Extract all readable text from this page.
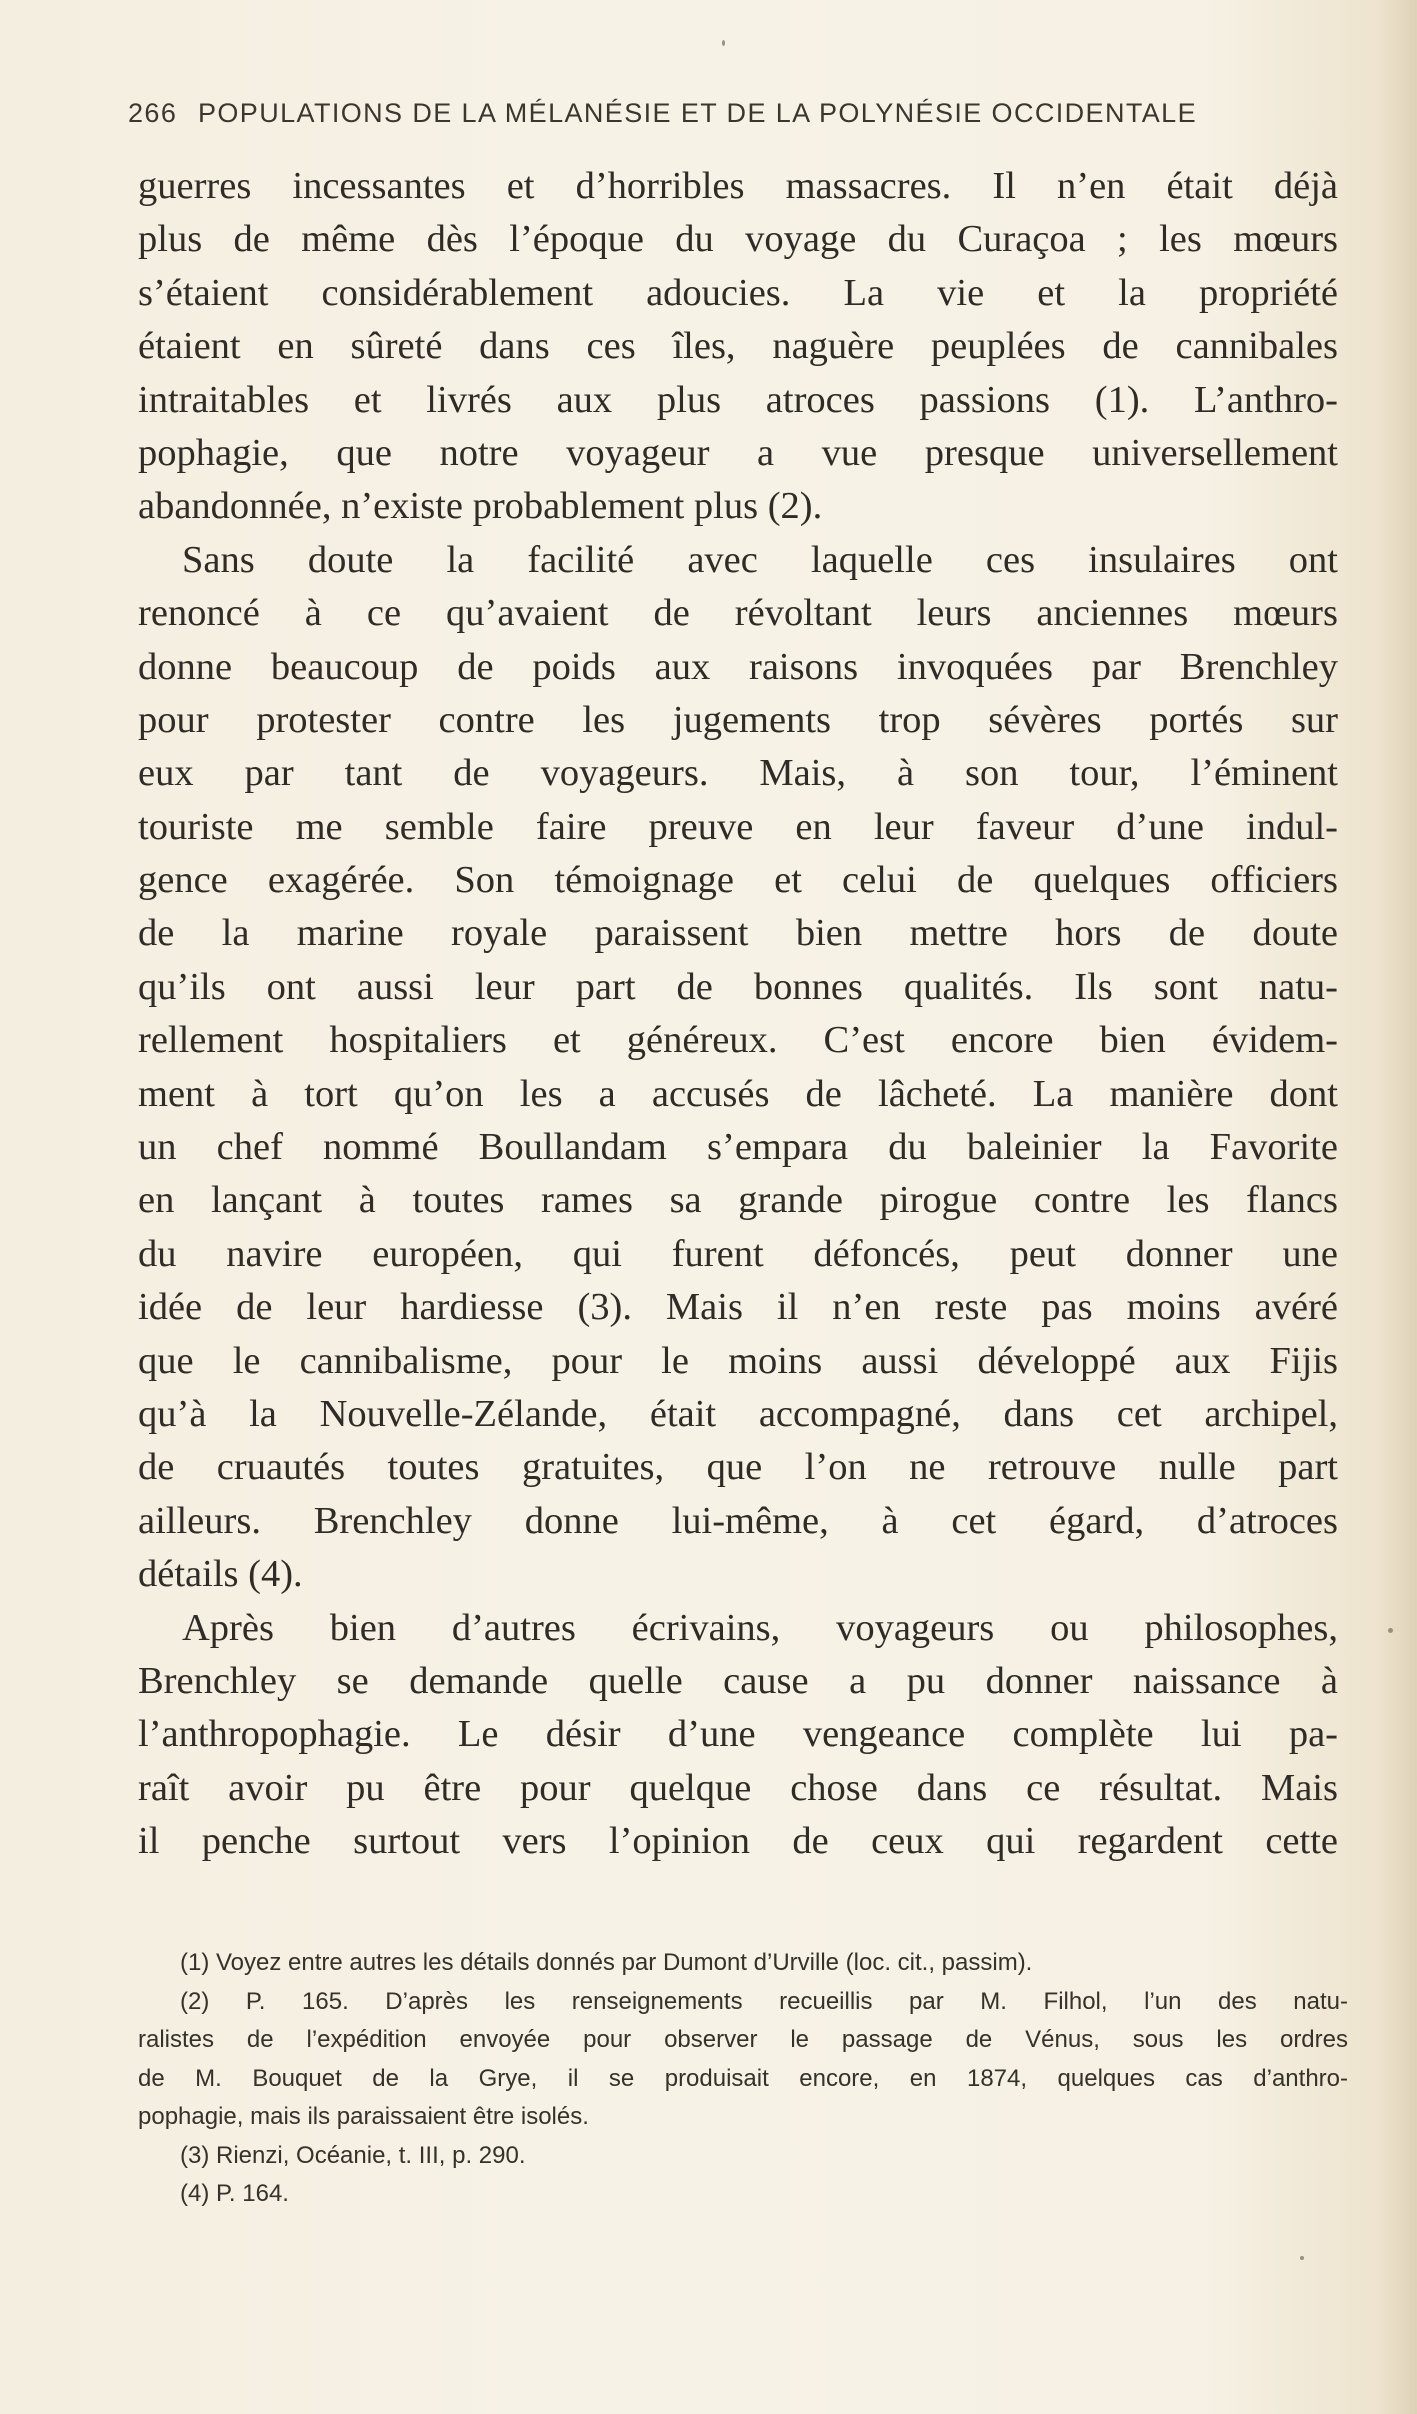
266 POPULATIONS DE LA MÉLANÉSIE ET DE LA POLYNÉSIE OCCIDENTALE
guerres incessantes et d’horribles massacres. Il n’en était déjà
plus de même dès l’époque du voyage du Curaçoa ; les mœurs
s’étaient considérablement adoucies. La vie et la propriété
étaient en sûreté dans ces îles, naguère peuplées de cannibales
intraitables et livrés aux plus atroces passions (1). L’anthro-
pophagie, que notre voyageur a vue presque universellement
abandonnée, n’existe probablement plus (2).
Sans doute la facilité avec laquelle ces insulaires ont
renoncé à ce qu’avaient de révoltant leurs anciennes mœurs
donne beaucoup de poids aux raisons invoquées par Brenchley
pour protester contre les jugements trop sévères portés sur
eux par tant de voyageurs. Mais, à son tour, l’éminent
touriste me semble faire preuve en leur faveur d’une indul-
gence exagérée. Son témoignage et celui de quelques officiers
de la marine royale paraissent bien mettre hors de doute
qu’ils ont aussi leur part de bonnes qualités. Ils sont natu-
rellement hospitaliers et généreux. C’est encore bien évidem-
ment à tort qu’on les a accusés de lâcheté. La manière dont
un chef nommé Boullandam s’empara du baleinier la Favorite
en lançant à toutes rames sa grande pirogue contre les flancs
du navire européen, qui furent défoncés, peut donner une
idée de leur hardiesse (3). Mais il n’en reste pas moins avéré
que le cannibalisme, pour le moins aussi développé aux Fijis
qu’à la Nouvelle-Zélande, était accompagné, dans cet archipel,
de cruautés toutes gratuites, que l’on ne retrouve nulle part
ailleurs. Brenchley donne lui-même, à cet égard, d’atroces
détails (4).
Après bien d’autres écrivains, voyageurs ou philosophes,
Brenchley se demande quelle cause a pu donner naissance à
l’anthropophagie. Le désir d’une vengeance complète lui pa-
raît avoir pu être pour quelque chose dans ce résultat. Mais
il penche surtout vers l’opinion de ceux qui regardent cette
(1) Voyez entre autres les détails donnés par Dumont d’Urville (loc. cit., passim).
(2) P. 165. D’après les renseignements recueillis par M. Filhol, l’un des natu-
ralistes de l’expédition envoyée pour observer le passage de Vénus, sous les ordres
de M. Bouquet de la Grye, il se produisait encore, en 1874, quelques cas d’anthro-
pophagie, mais ils paraissaient être isolés.
(3) Rienzi, Océanie, t. III, p. 290.
(4) P. 164.
